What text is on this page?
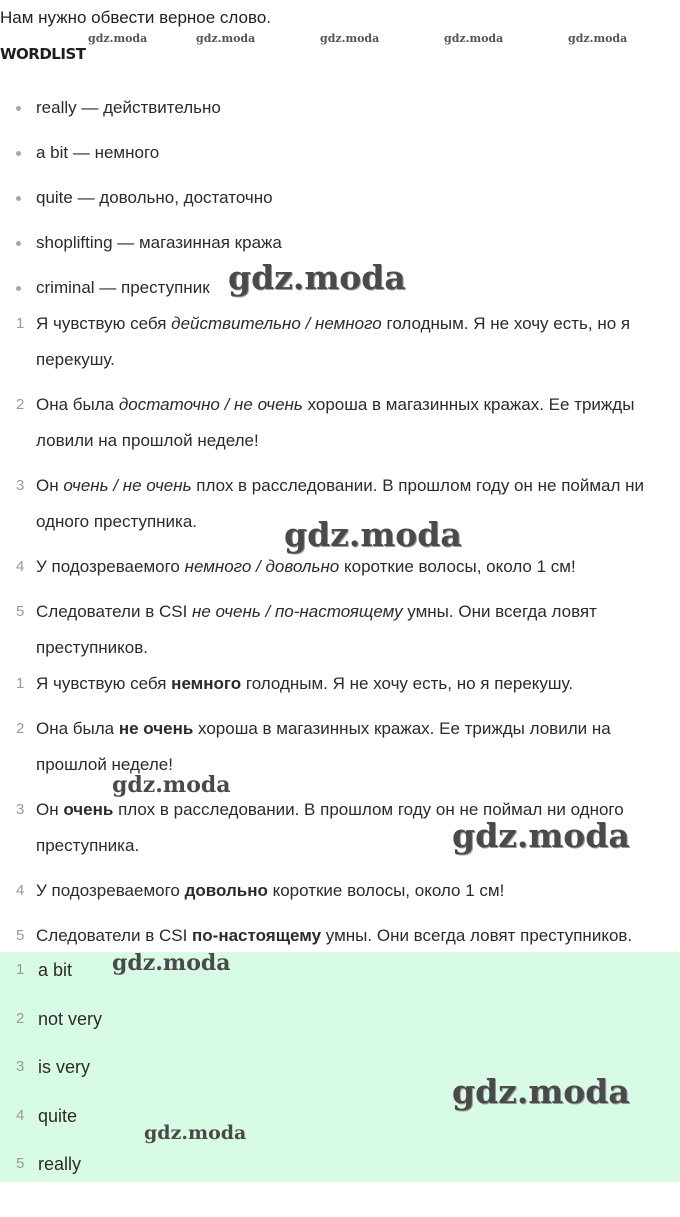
Нам нужно обвести верное слово.
WORDLIST
really — действительно
a bit — немного
quite — довольно, достаточно
shoplifting — магазинная кража
criminal — преступник
1 Я чувствую себя действительно / немного голодным. Я не хочу есть, но я перекушу.
2 Она была достаточно / не очень хороша в магазинных кражах. Ее трижды ловили на прошлой неделе!
3 Он очень / не очень плох в расследовании. В прошлом году он не поймал ни одного преступника.
4 У подозреваемого немного / довольно короткие волосы, около 1 см!
5 Следователи в CSI не очень / по-настоящему умны. Они всегда ловят преступников.
1 Я чувствую себя немного голодным. Я не хочу есть, но я перекушу.
2 Она была не очень хороша в магазинных кражах. Ее трижды ловили на прошлой неделе!
3 Он очень плох в расследовании. В прошлом году он не поймал ни одного преступника.
4 У подозреваемого довольно короткие волосы, около 1 см!
5 Следователи в CSI по-настоящему умны. Они всегда ловят преступников.
1 a bit
2 not very
3 is very
4 quite
5 really
gdz.moda	gdz.moda	gdz.moda	gdz.moda	gdz.moda
gdz.moda
gdz.moda
gdz.moda
gdz.moda
gdz.moda
gdz.moda
gdz.moda
